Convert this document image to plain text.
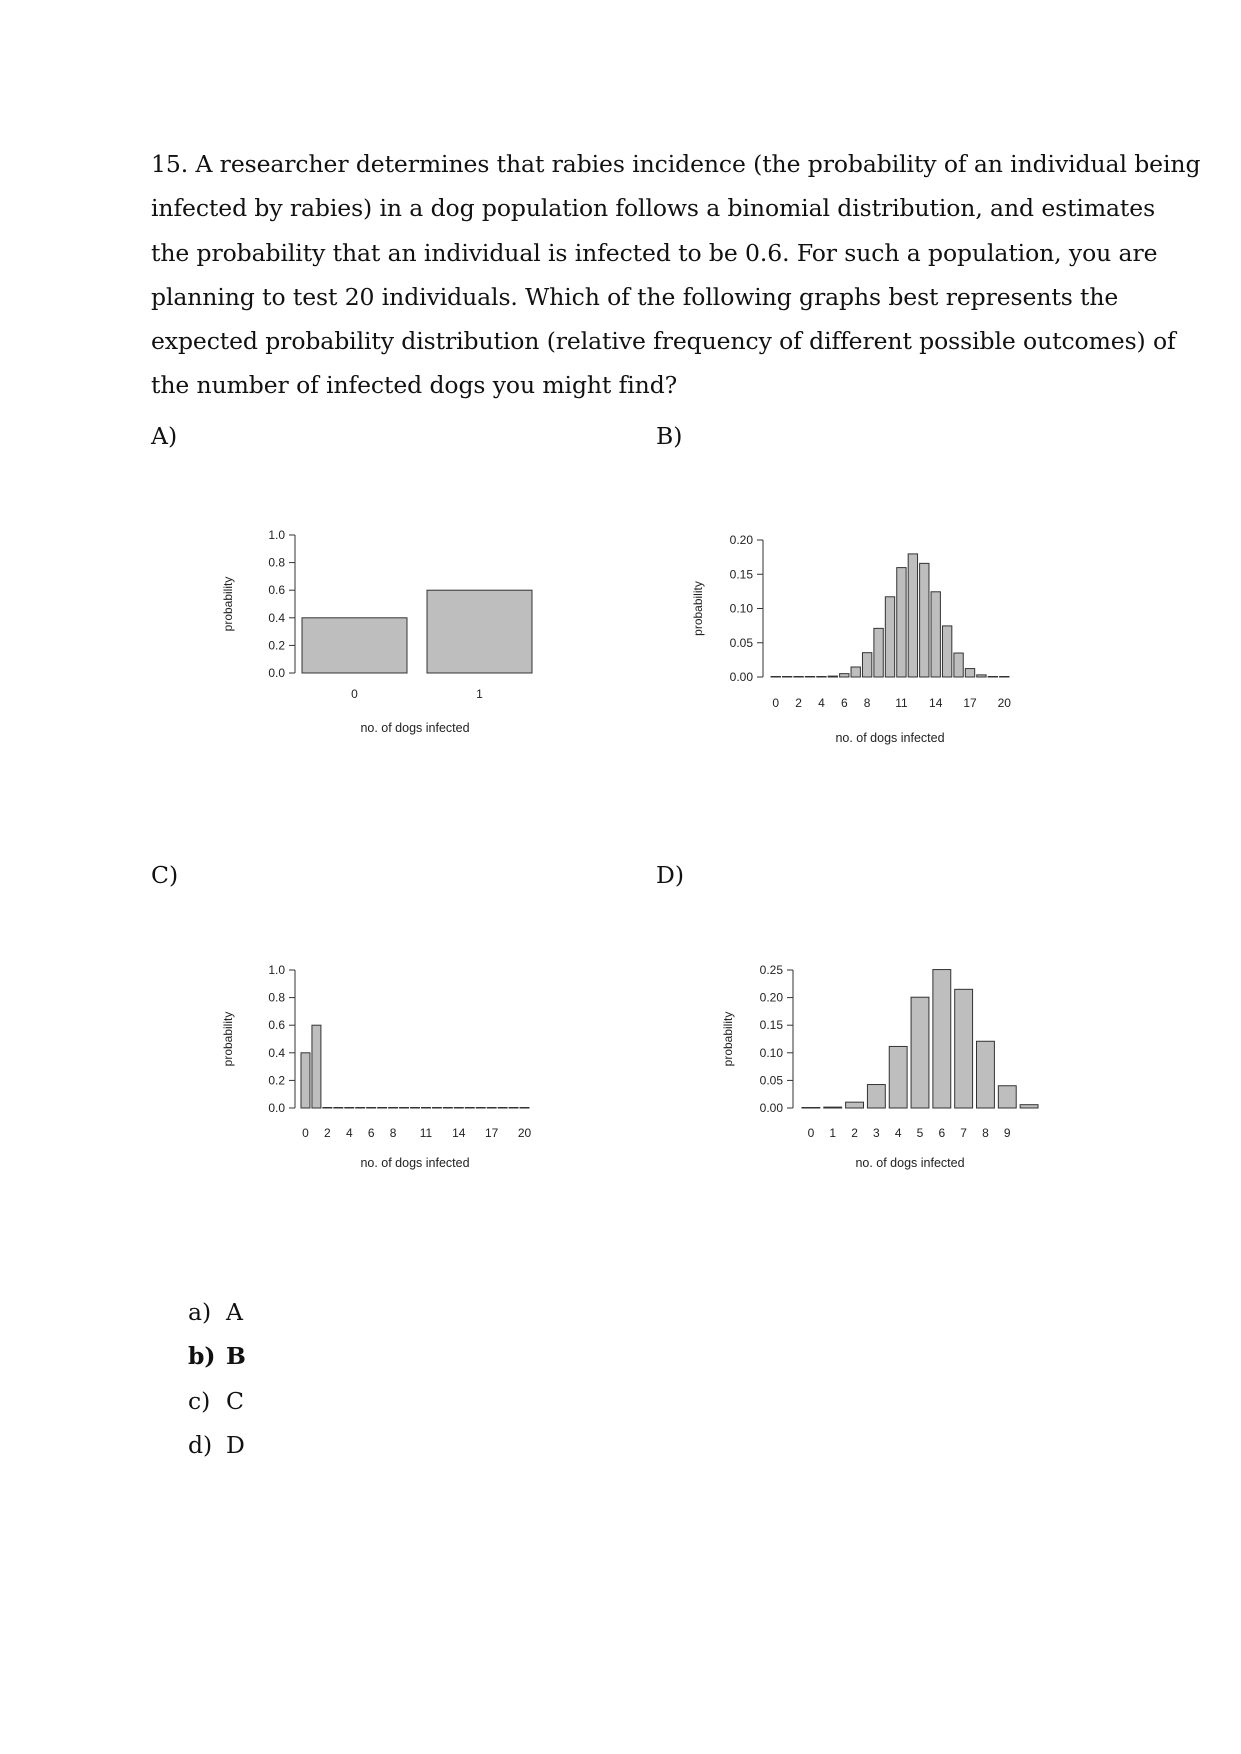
15. A researcher determines that rabies incidence (the probability of an individual being

infected by rabies) in a dog population follows a binomial distribution, and estimates

the probability that an individual is infected to be 0.6. For such a population, you are

planning to test 20 individuals. Which of the following graphs best represents the

expected probability distribution (relative frequency of different possible outcomes) of

the number of infected dogs you might find?

A)	B)
C)	D)
0.0
0.2
0.4
0.6
0.8
1.0
probability
0	1
no. of dogs infected
0.00
0.05
0.10
0.15
0.20
probability
0 2 4 6 8 11 14 17 20
no. of dogs infected
0.0
0.2
0.4
0.6
0.8
1.0
probability
0 2 4 6 8 11 14 17 20
no. of dogs infected
0.00
0.05
0.10
0.15
0.20
0.25
probability
0 1 2 3 4 5 6 7 8 9
no. of dogs infected
a) A
b) B
c) C
d) D
